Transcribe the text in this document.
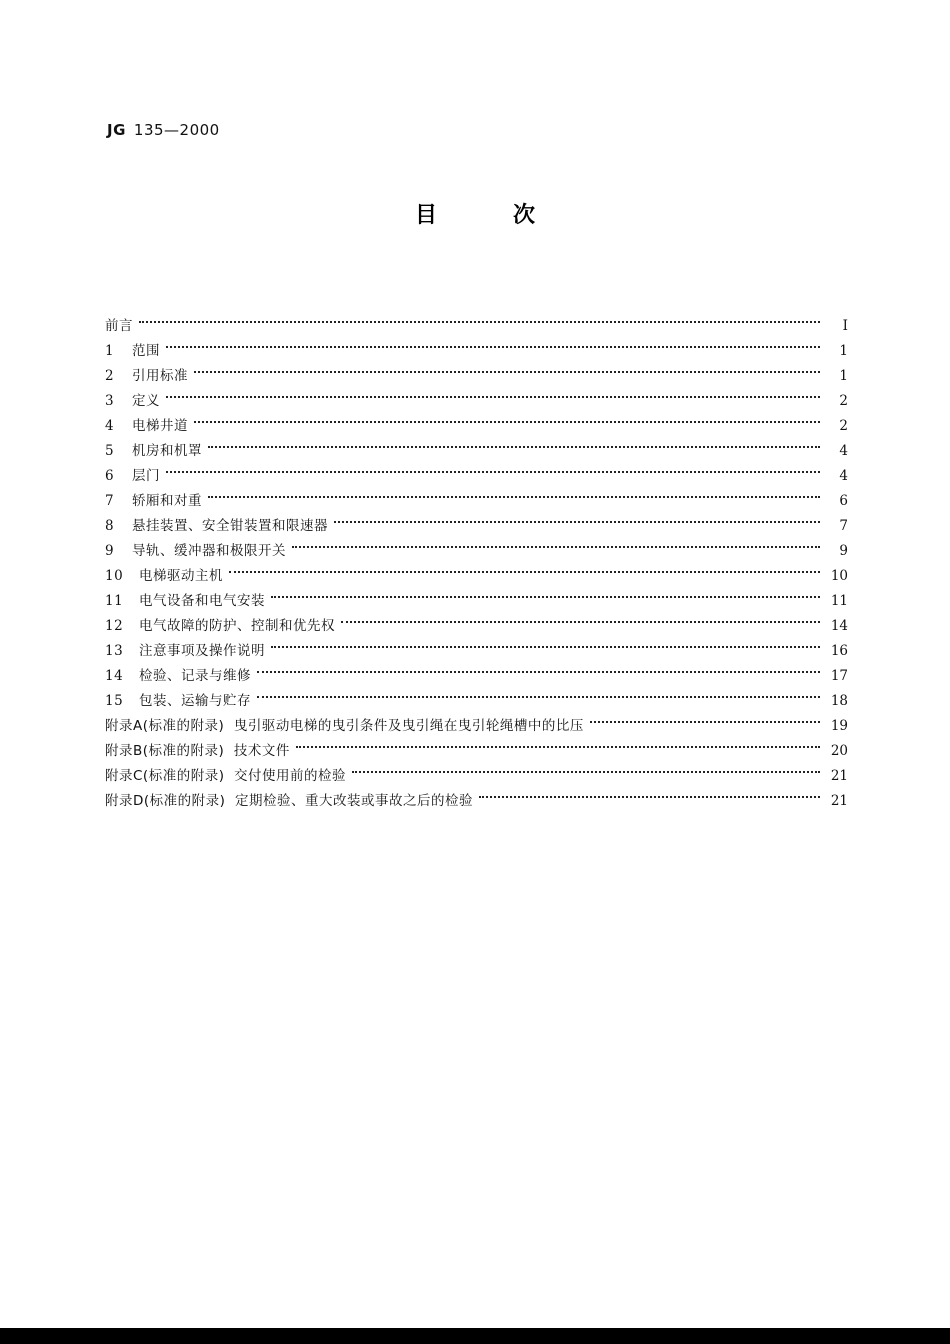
JG 135—2000
目	次
前言	I
1 范围	1
2 引用标准	1
3 定义	2
4 电梯井道	2
5 机房和机罩	4
6 层门	4
7 轿厢和对重	6
8 悬挂装置、安全钳装置和限速器	7
9 导轨、缓冲器和极限开关	9
10 电梯驱动主机	10
11 电气设备和电气安装	11
12 电气故障的防护、控制和优先权	14
13 注意事项及操作说明	16
14 检验、记录与维修	17
15 包装、运输与贮存	18
附录A(标准的附录)  曳引驱动电梯的曳引条件及曳引绳在曳引轮绳槽中的比压	19
附录B(标准的附录)  技术文件	20
附录C(标准的附录)  交付使用前的检验	21
附录D(标准的附录)  定期检验、重大改装或事故之后的检验	21
